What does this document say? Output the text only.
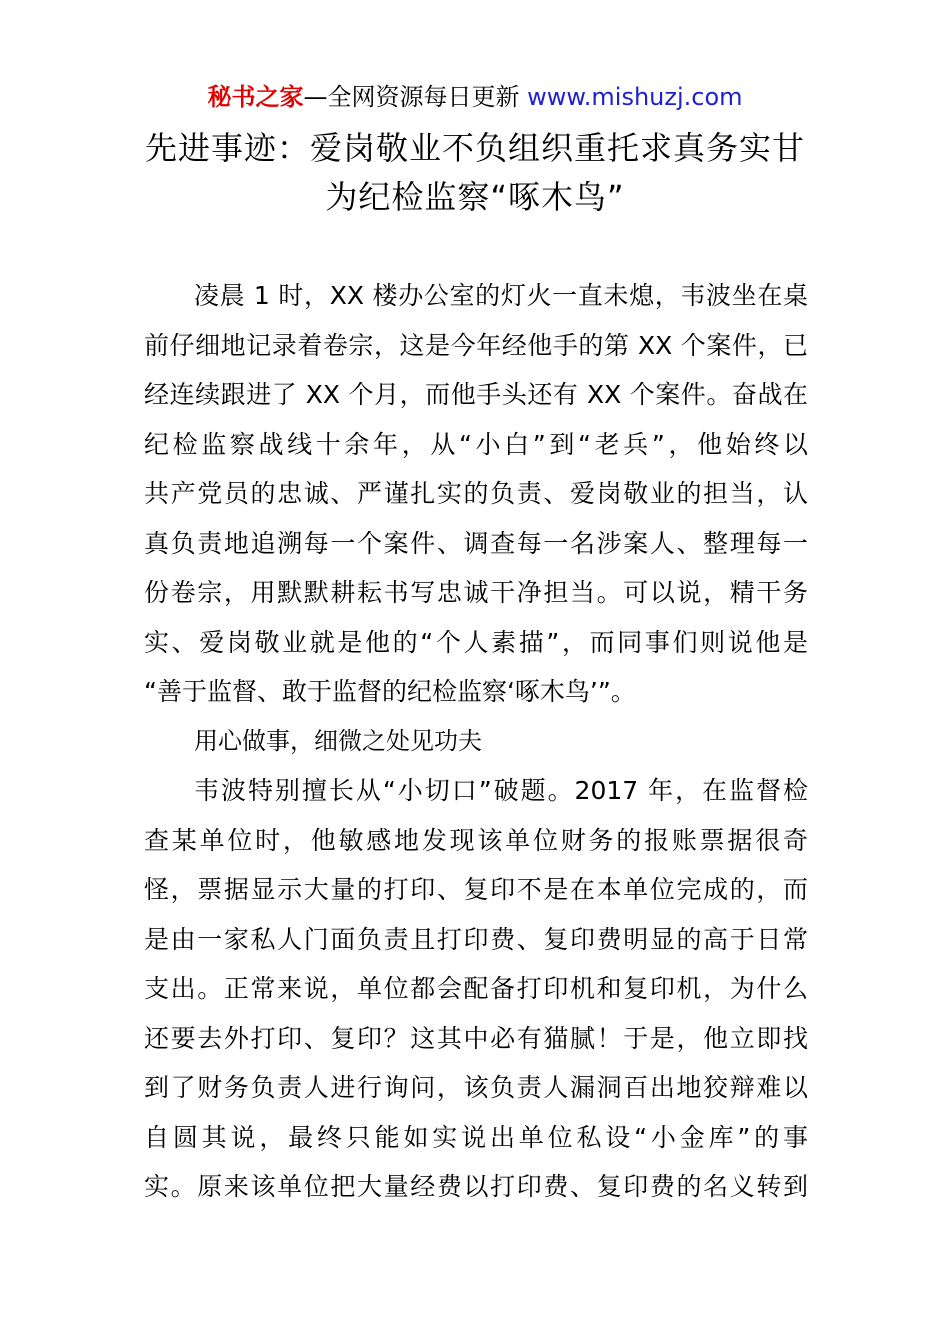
秘书之家—全网资源每日更新 www.mishuzj.com
先进事迹：爱岗敬业不负组织重托求真务实甘
为纪检监察“啄木鸟”
凌晨 1 时，XX 楼办公室的灯火一直未熄，韦波坐在桌
前仔细地记录着卷宗，这是今年经他手的第 XX 个案件，已
经连续跟进了 XX 个月，而他手头还有 XX 个案件。奋战在
纪检监察战线十余年，从“小白”到“老兵”，他始终以
共产党员的忠诚、严谨扎实的负责、爱岗敬业的担当，认
真负责地追溯每一个案件、调查每一名涉案人、整理每一
份卷宗，用默默耕耘书写忠诚干净担当。可以说，精干务
实、爱岗敬业就是他的“个人素描”，而同事们则说他是
“善于监督、敢于监督的纪检监察‘啄木鸟’”。
用心做事，细微之处见功夫
韦波特别擅长从“小切口”破题。2017 年，在监督检
查某单位时，他敏感地发现该单位财务的报账票据很奇
怪，票据显示大量的打印、复印不是在本单位完成的，而
是由一家私人门面负责且打印费、复印费明显的高于日常
支出。正常来说，单位都会配备打印机和复印机，为什么
还要去外打印、复印？这其中必有猫腻！于是，他立即找
到了财务负责人进行询问，该负责人漏洞百出地狡辩难以
自圆其说，最终只能如实说出单位私设“小金库”的事
实。原来该单位把大量经费以打印费、复印费的名义转到
